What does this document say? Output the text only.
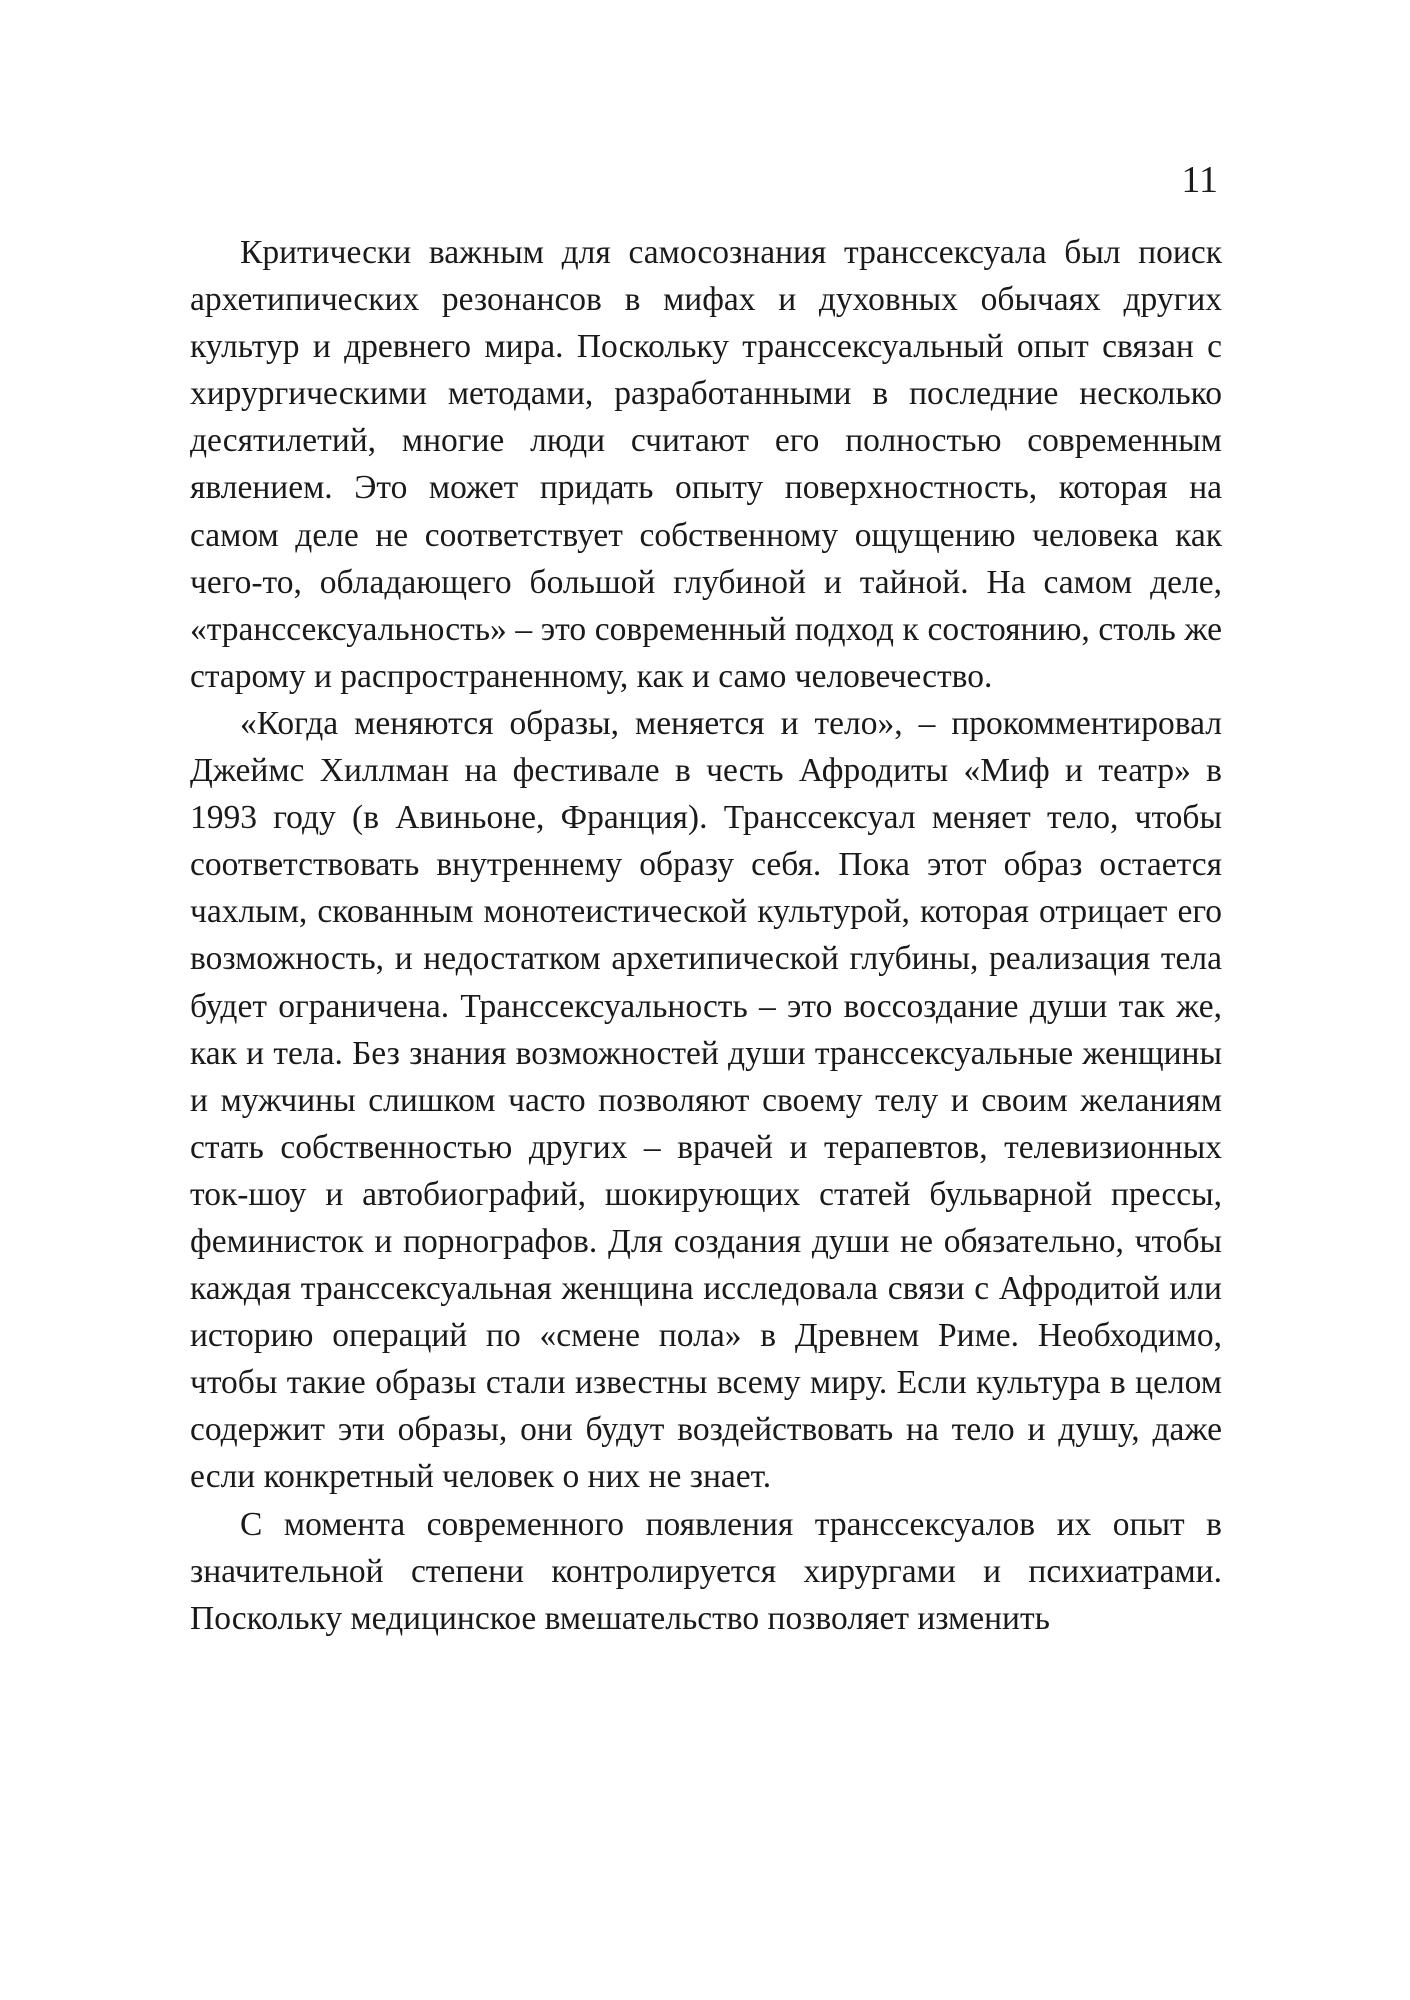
11

Критически важным для самосознания транссексуала был поиск архетипических резонансов в мифах и духовных обычаях других культур и древнего мира. Поскольку транссексуальный опыт связан с хирургическими методами, разработанными в последние несколько десятилетий, многие люди считают его полностью современным явлением. Это может придать опыту поверхностность, которая на самом деле не соответствует собственному ощущению человека как чего-то, обладающего большой глубиной и тайной. На самом деле, «транссексуальность» – это современный подход к состоянию, столь же старому и распространенному, как и само человечество.

«Когда меняются образы, меняется и тело», – прокомментировал Джеймс Хиллман на фестивале в честь Афродиты «Миф и театр» в 1993 году (в Авиньоне, Франция). Транссексуал меняет тело, чтобы соответствовать внутреннему образу себя. Пока этот образ остается чахлым, скованным монотеистической культурой, которая отрицает его возможность, и недостатком архетипической глубины, реализация тела будет ограничена. Транссексуальность – это воссоздание души так же, как и тела. Без знания возможностей души транссексуальные женщины и мужчины слишком часто позволяют своему телу и своим желаниям стать собственностью других – врачей и терапевтов, телевизионных ток-шоу и автобиографий, шокирующих статей бульварной прессы, феминисток и порнографов. Для создания души не обязательно, чтобы каждая транссексуальная женщина исследовала связи с Афродитой или историю операций по «смене пола» в Древнем Риме. Необходимо, чтобы такие образы стали известны всему миру. Если культура в целом содержит эти образы, они будут воздействовать на тело и душу, даже если конкретный человек о них не знает.

С момента современного появления транссексуалов их опыт в значительной степени контролируется хирургами и психиатрами. Поскольку медицинское вмешательство позволяет изменить
